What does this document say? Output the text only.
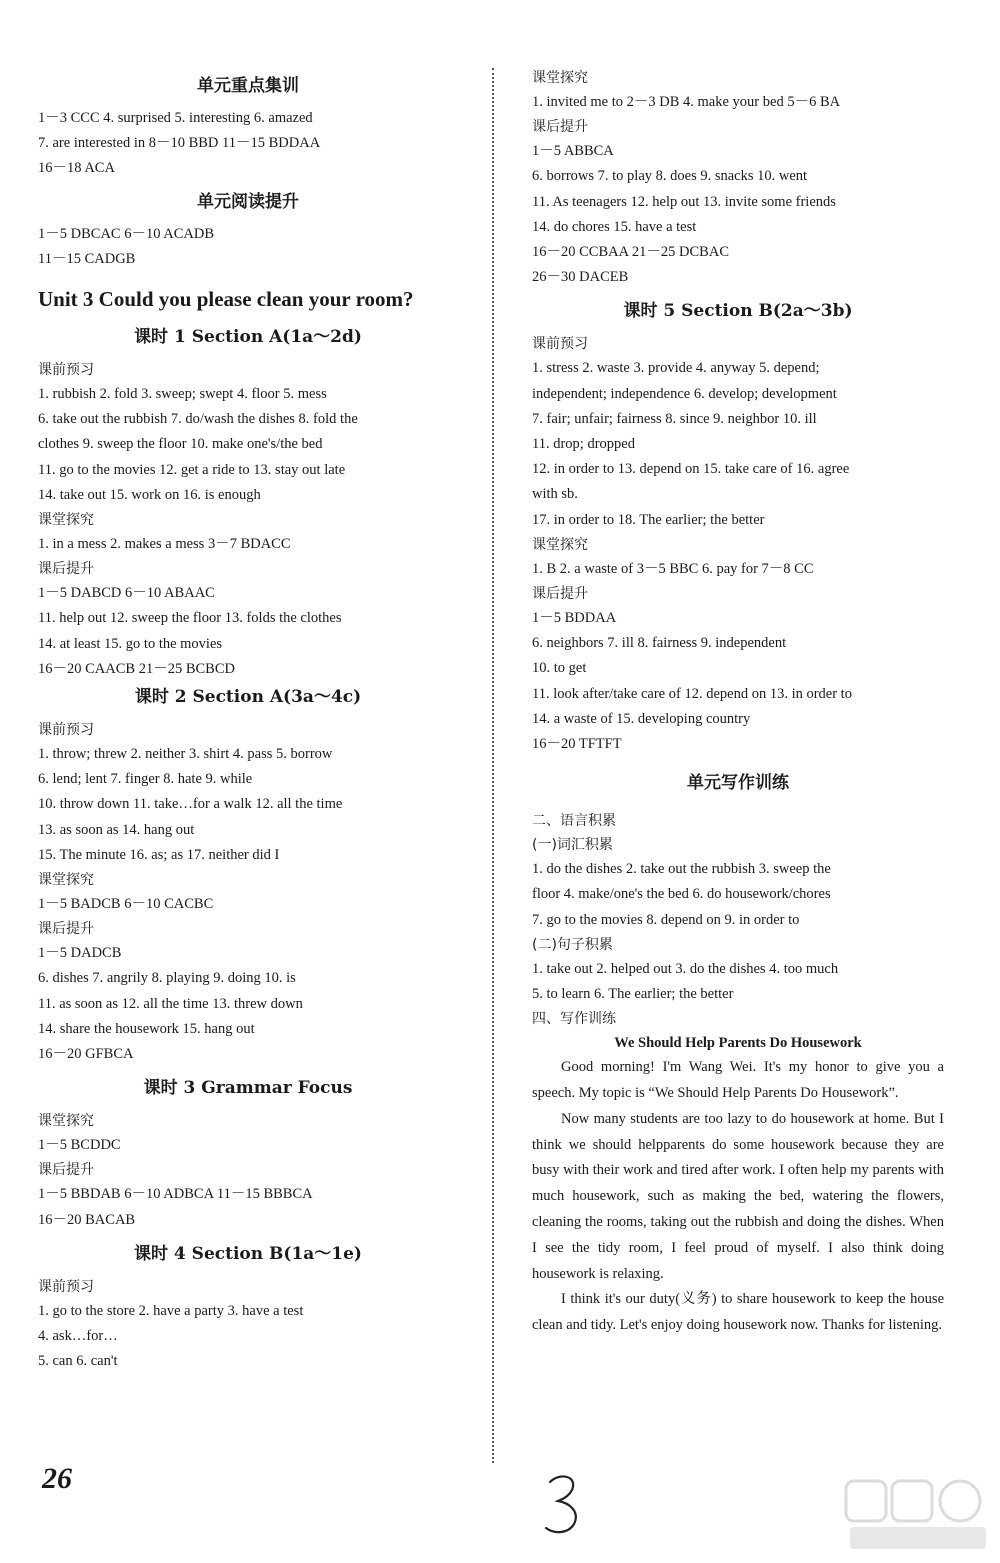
单元重点集训
1－3 CCC 4. surprised 5. interesting 6. amazed
7. are interested in 8－10 BBD 11－15 BDDAA
16－18 ACA
单元阅读提升
1－5 DBCAC 6－10 ACADB
11－15 CADGB
Unit 3 Could you please clean your room?
课时 1 Section A(1a～2d)
课前预习
1. rubbish 2. fold 3. sweep; swept 4. floor 5. mess
6. take out the rubbish 7. do/wash the dishes 8. fold the
clothes 9. sweep the floor 10. make one's/the bed
11. go to the movies 12. get a ride to 13. stay out late
14. take out 15. work on 16. is enough
课堂探究
1. in a mess 2. makes a mess 3－7 BDACC
课后提升
1－5 DABCD 6－10 ABAAC
11. help out 12. sweep the floor 13. folds the clothes
14. at least 15. go to the movies
16－20 CAACB 21－25 BCBCD
课时 2 Section A(3a～4c)
课前预习
1. throw; threw 2. neither 3. shirt 4. pass 5. borrow
6. lend; lent 7. finger 8. hate 9. while
10. throw down 11. take…for a walk 12. all the time
13. as soon as 14. hang out
15. The minute 16. as; as 17. neither did I
课堂探究
1－5 BADCB 6－10 CACBC
课后提升
1－5 DADCB
6. dishes 7. angrily 8. playing 9. doing 10. is
11. as soon as 12. all the time 13. threw down
14. share the housework 15. hang out
16－20 GFBCA
课时 3 Grammar Focus
课堂探究
1－5 BCDDC
课后提升
1－5 BBDAB 6－10 ADBCA 11－15 BBBCA
16－20 BACAB
课时 4 Section B(1a～1e)
课前预习
1. go to the store 2. have a party 3. have a test
4. ask…for…
5. can 6. can't
课堂探究
1. invited me to 2－3 DB 4. make your bed 5－6 BA
课后提升
1－5 ABBCA
6. borrows 7. to play 8. does 9. snacks 10. went
11. As teenagers 12. help out 13. invite some friends
14. do chores 15. have a test
16－20 CCBAA 21－25 DCBAC
26－30 DACEB
课时 5 Section B(2a～3b)
课前预习
1. stress 2. waste 3. provide 4. anyway 5. depend;
independent; independence 6. develop; development
7. fair; unfair; fairness 8. since 9. neighbor 10. ill
11. drop; dropped
12. in order to 13. depend on 15. take care of 16. agree
with sb.
17. in order to 18. The earlier; the better
课堂探究
1. B 2. a waste of 3－5 BBC 6. pay for 7－8 CC
课后提升
1－5 BDDAA
6. neighbors 7. ill 8. fairness 9. independent
10. to get
11. look after/take care of 12. depend on 13. in order to
14. a waste of 15. developing country
16－20 TFTFT
单元写作训练
二、语言积累
(一)词汇积累
1. do the dishes 2. take out the rubbish 3. sweep the
floor 4. make/one's the bed 6. do housework/chores
7. go to the movies 8. depend on 9. in order to
(二)句子积累
1. take out 2. helped out 3. do the dishes 4. too much
5. to learn 6. The earlier; the better
四、写作训练
We Should Help Parents Do Housework

Good morning! I'm Wang Wei. It's my honor to give you a speech. My topic is “We Should Help Parents Do Housework”.

Now many students are too lazy to do housework at home. But I think we should helpparents do some housework because they are busy with their work and tired after work. I often help my parents with much housework, such as making the bed, watering the flowers, cleaning the rooms, taking out the rubbish and doing the dishes. When I see the tidy room, I feel proud of myself. I also think doing housework is relaxing.

I think it's our duty(义务) to share housework to keep the house clean and tidy. Let's enjoy doing housework now. Thanks for listening.

26
